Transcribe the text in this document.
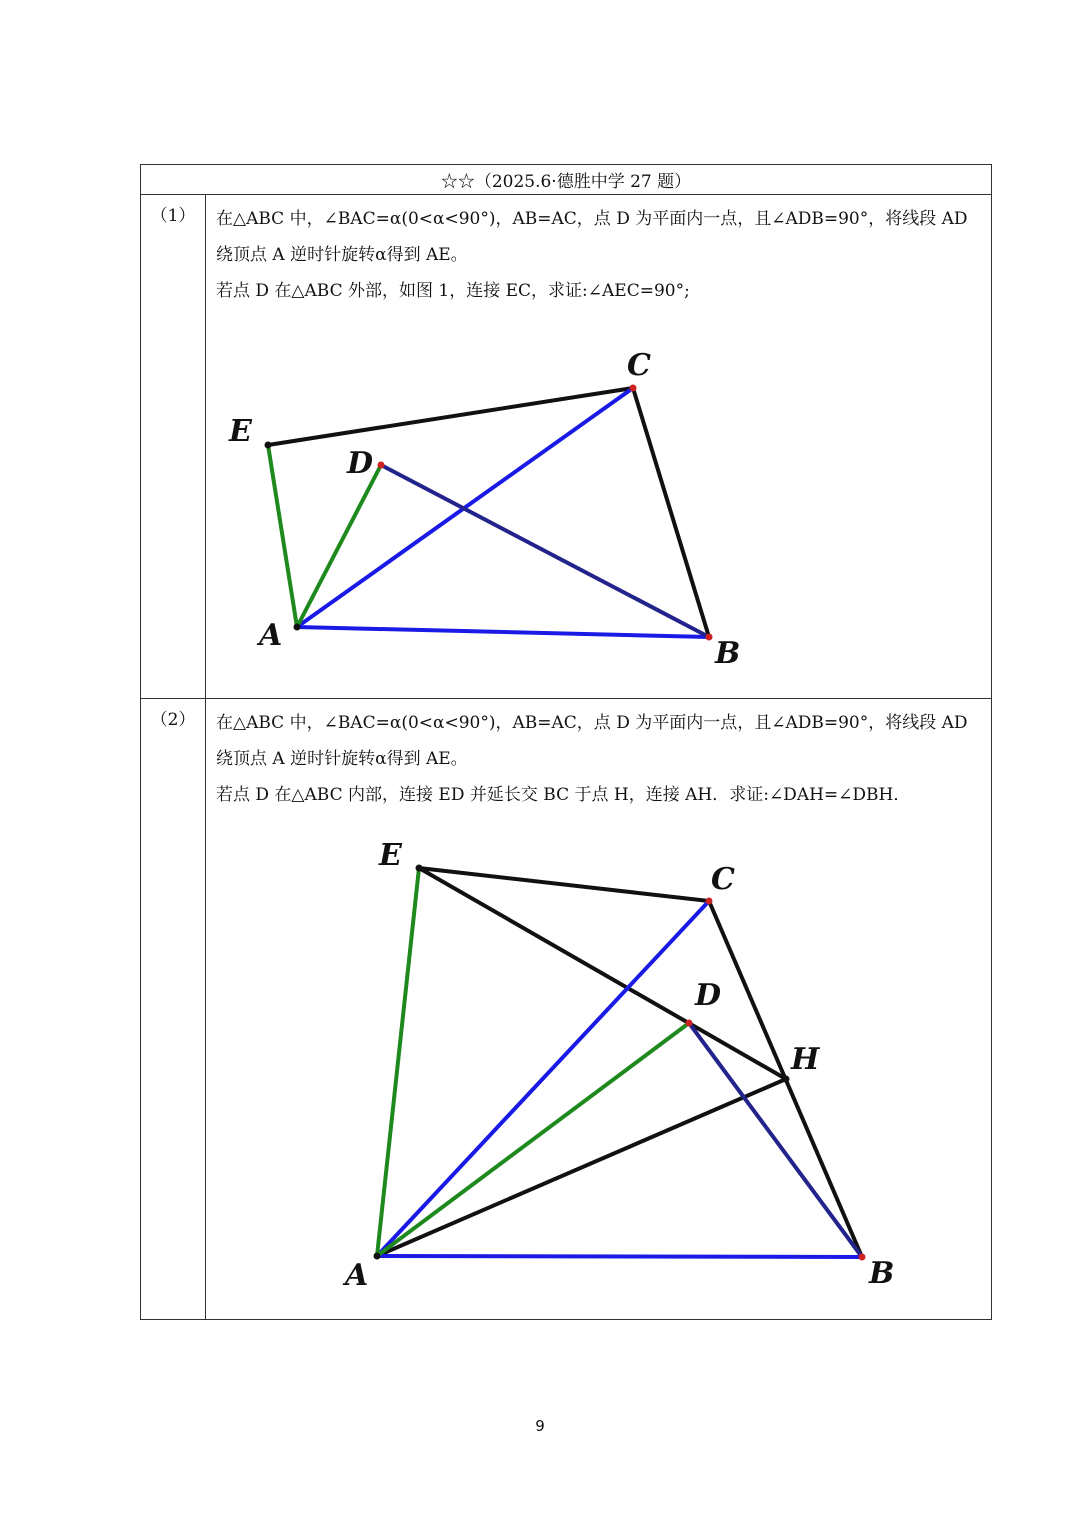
☆☆（2025.6·德胜中学 27 题）
（1）	在△ABC 中，∠BAC=α(0<α<90°)，AB=AC，点 D 为平面内一点，且∠ADB=90°，将线段 AD

绕顶点 A 逆时针旋转α得到 AE。

若点 D 在△ABC 外部，如图 1，连接 EC，求证:∠AEC=90°;

A
B
C
D
E
（2）	在△ABC 中，∠BAC=α(0<α<90°)，AB=AC，点 D 为平面内一点，且∠ADB=90°，将线段 AD

绕顶点 A 逆时针旋转α得到 AE。

若点 D 在△ABC 内部，连接 ED 并延长交 BC 于点 H，连接 AH．求证:∠DAH=∠DBH．

A	B
C
D
E
H
9
